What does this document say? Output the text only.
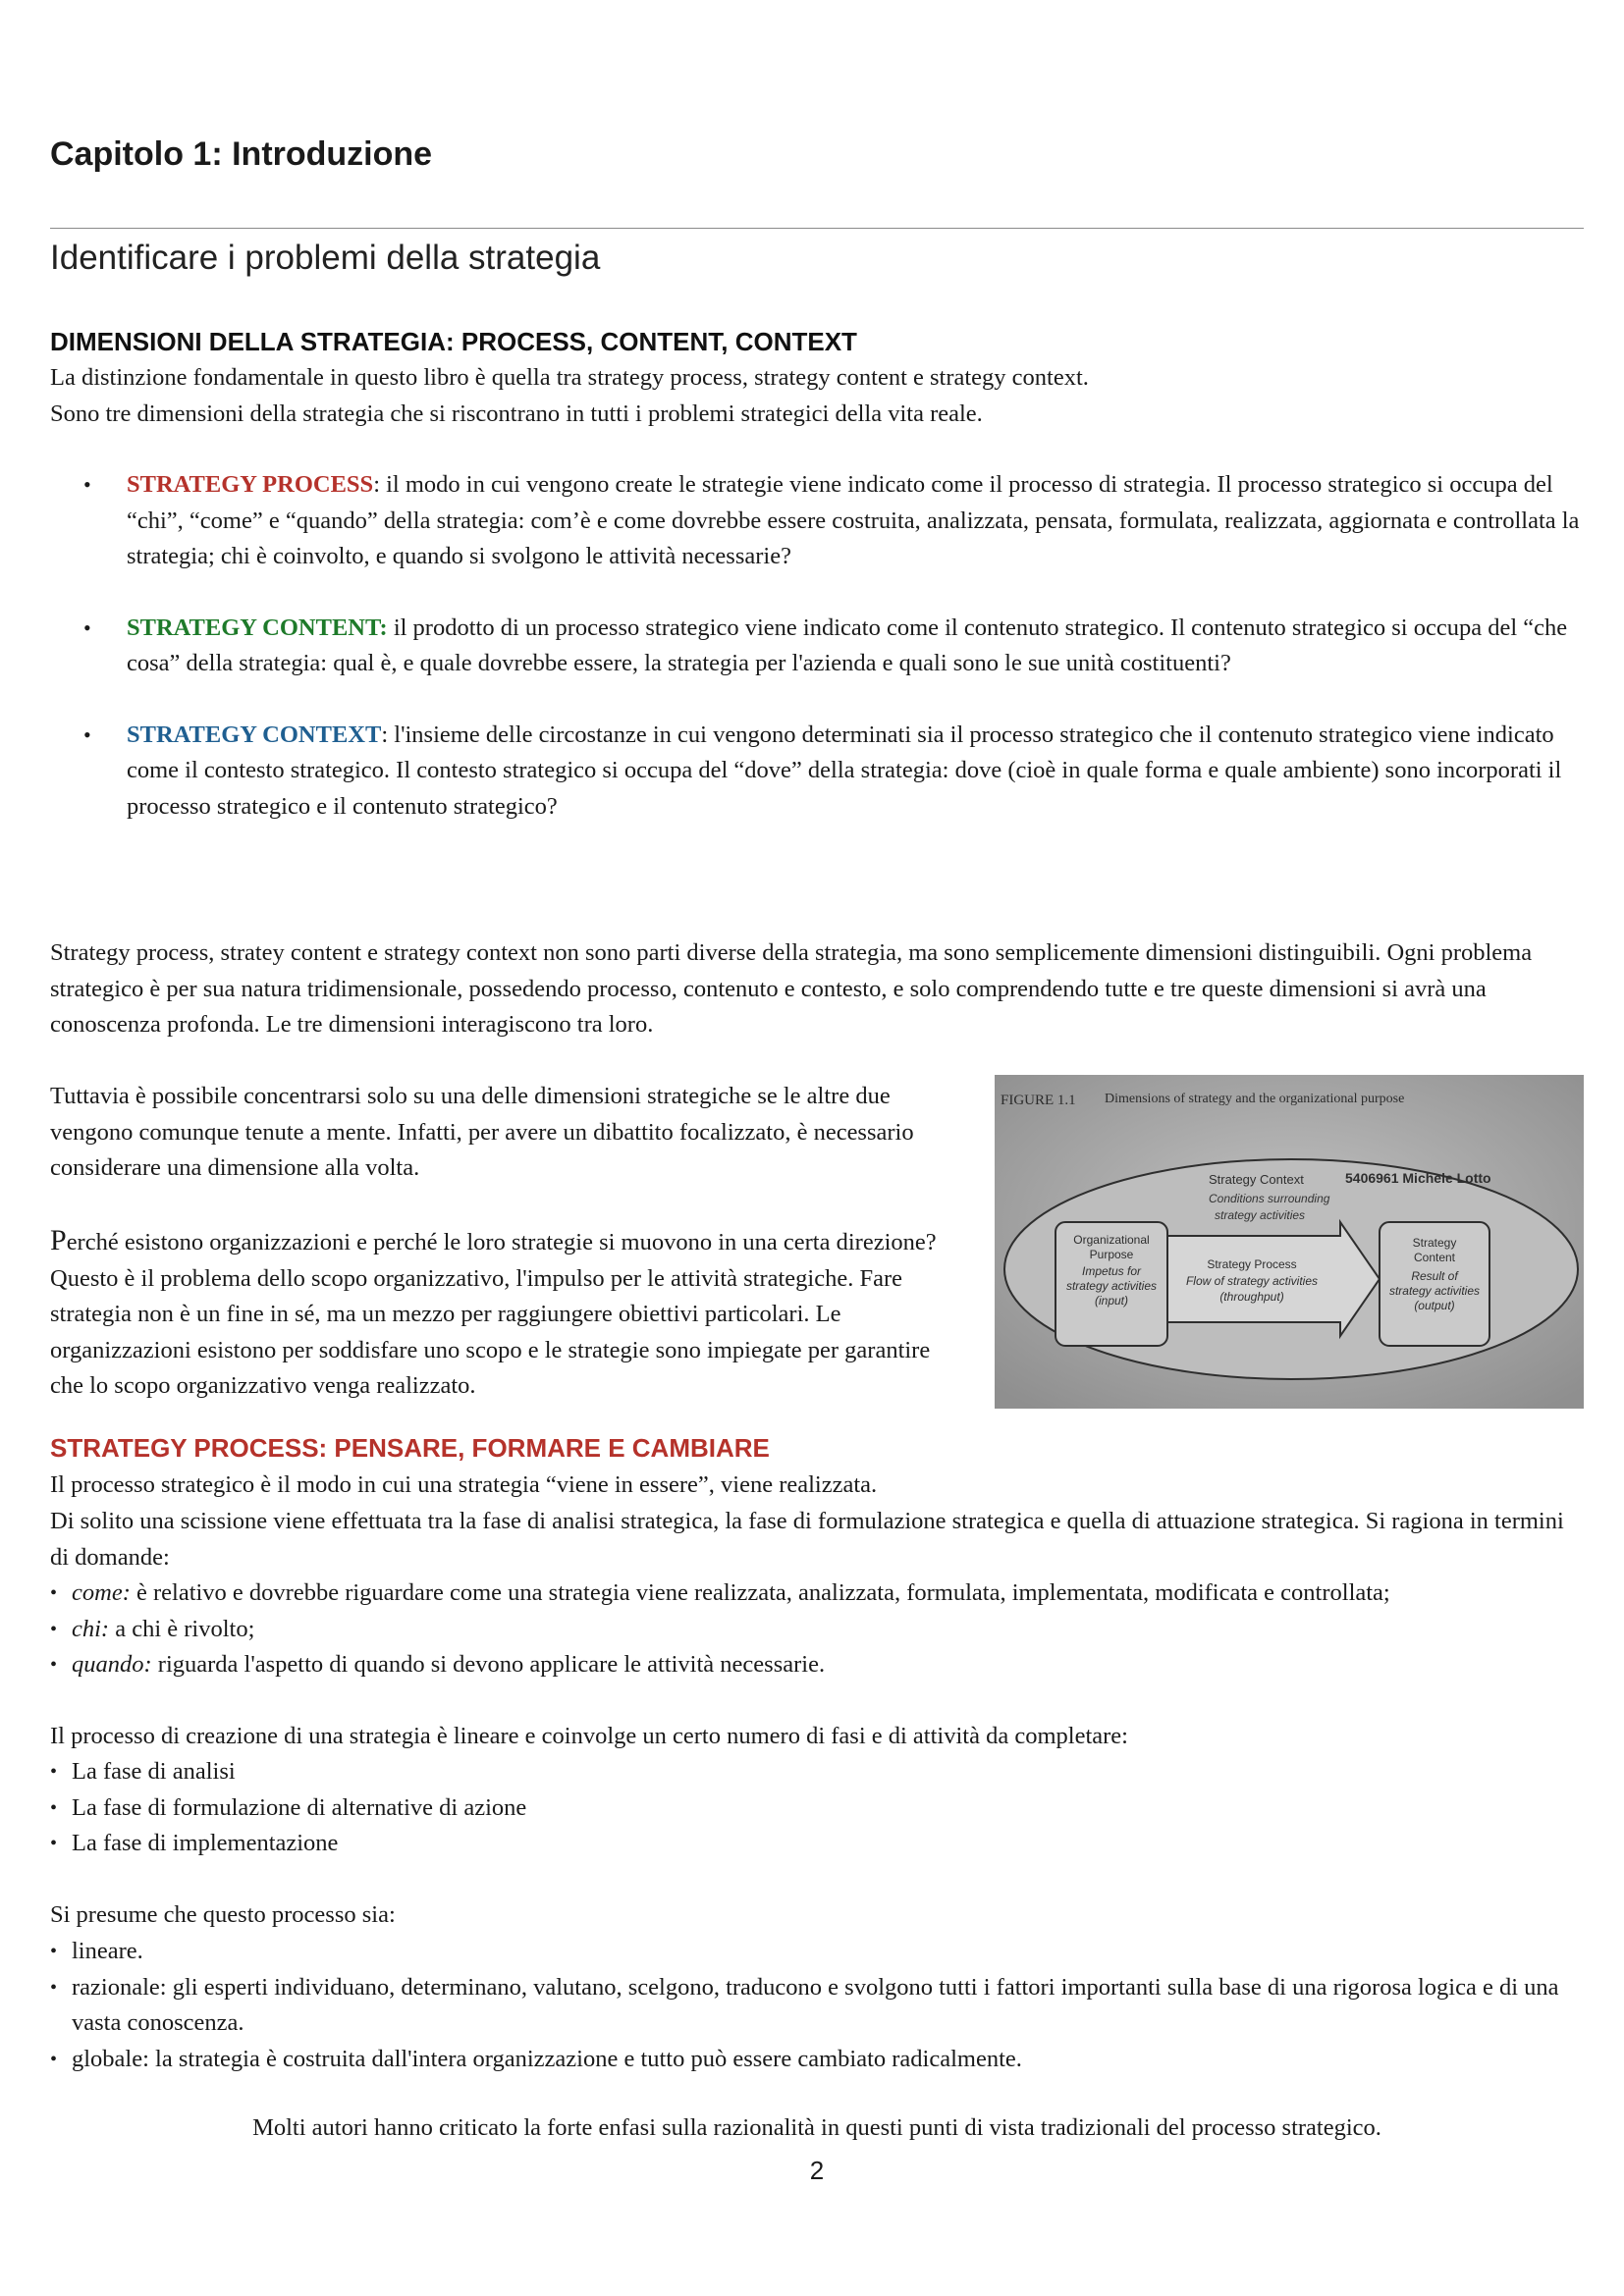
Capitolo 1: Introduzione
Identificare i problemi della strategia
DIMENSIONI DELLA STRATEGIA: PROCESS, CONTENT, CONTEXT

La distinzione fondamentale in questo libro è quella tra strategy process, strategy content e strategy context.
Sono tre dimensioni della strategia che si riscontrano in tutti i problemi strategici della vita reale.

• STRATEGY PROCESS: il modo in cui vengono create le strategie viene indicato come il processo di strategia. Il processo strategico si occupa del “chi”, “come” e “quando” della strategia: com’è e come dovrebbe essere costruita, analizzata, pensata, formulata, realizzata, aggiornata e controllata la strategia; chi è coinvolto, e quando si svolgono le attività necessarie?
• STRATEGY CONTENT: il prodotto di un processo strategico viene indicato come il contenuto strategico. Il contenuto strategico si occupa del “che cosa” della strategia: qual è, e quale dovrebbe essere, la strategia per l'azienda e quali sono le sue unità costituenti?
• STRATEGY CONTEXT: l'insieme delle circostanze in cui vengono determinati sia il processo strategico che il contenuto strategico viene indicato come il contesto strategico. Il contesto strategico si occupa del “dove” della strategia: dove (cioè in quale forma e quale ambiente) sono incorporati il processo strategico e il contenuto strategico?

Strategy process, stratey content e strategy context non sono parti diverse della strategia, ma sono semplicemente dimensioni distinguibili. Ogni problema strategico è per sua natura tridimensionale, possedendo processo, contenuto e contesto, e solo comprendendo tutte e tre queste dimensioni si avrà una conoscenza profonda. Le tre dimensioni interagiscono tra loro.

Tuttavia è possibile concentrarsi solo su una delle dimensioni strategiche se le altre due vengono comunque tenute a mente. Infatti, per avere un dibattito focalizzato, è necessario considerare una dimensione alla volta.

Perché esistono organizzazioni e perché le loro strategie si muovono in una certa direzione? Questo è il problema dello scopo organizzativo, l'impulso per le attività strategiche. Fare strategia non è un fine in sé, ma un mezzo per raggiungere obiettivi particolari. Le organizzazioni esistono per soddisfare uno scopo e le strategie sono impiegate per garantire che lo scopo organizzativo venga realizzato.

FIGURE 1.1 Dimensions of strategy and the organizational purpose
Strategy Context	5406961 Michele Lotto
Conditions surrounding
strategy activities
Organizational
Purpose
Impetus for
strategy activities
(input)
Strategy Process
Flow of strategy activities
(throughput)
Strategy
Content
Result of
strategy activities
(output)
STRATEGY PROCESS: PENSARE, FORMARE E CAMBIARE

Il processo strategico è il modo in cui una strategia “viene in essere”, viene realizzata.

Di solito una scissione viene effettuata tra la fase di analisi strategica, la fase di formulazione strategica e quella di attuazione strategica. Si ragiona in termini di domande:

• come: è relativo e dovrebbe riguardare come una strategia viene realizzata, analizzata, formulata, implementata, modificata e controllata;
• chi: a chi è rivolto;
• quando: riguarda l'aspetto di quando si devono applicare le attività necessarie.

Il processo di creazione di una strategia è lineare e coinvolge un certo numero di fasi e di attività da completare:

• La fase di analisi
• La fase di formulazione di alternative di azione
• La fase di implementazione

Si presume che questo processo sia:

• lineare.
• razionale: gli esperti individuano, determinano, valutano, scelgono, traducono e svolgono tutti i fattori importanti sulla base di una rigorosa logica e di una vasta conoscenza.
• globale: la strategia è costruita dall'intera organizzazione e tutto può essere cambiato radicalmente.

Molti autori hanno criticato la forte enfasi sulla razionalità in questi punti di vista tradizionali del processo strategico.

2
